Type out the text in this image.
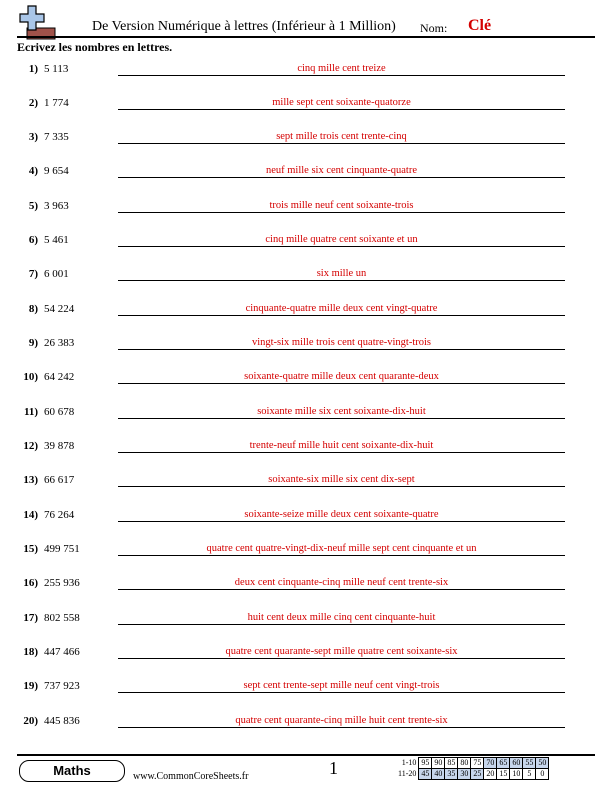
De Version Numérique à lettres (Inférieur à 1 Million) Nom: Clé
Ecrivez les nombres en lettres.
1) 5 113	cinq mille cent treize
2) 1 774	mille sept cent soixante-quatorze
3) 7 335	sept mille trois cent trente-cinq
4) 9 654	neuf mille six cent cinquante-quatre
5) 3 963	trois mille neuf cent soixante-trois
6) 5 461	cinq mille quatre cent soixante et un
7) 6 001	six mille un
8) 54 224	cinquante-quatre mille deux cent vingt-quatre
9) 26 383	vingt-six mille trois cent quatre-vingt-trois
10) 64 242	soixante-quatre mille deux cent quarante-deux
11) 60 678	soixante mille six cent soixante-dix-huit
12) 39 878	trente-neuf mille huit cent soixante-dix-huit
13) 66 617	soixante-six mille six cent dix-sept
14) 76 264	soixante-seize mille deux cent soixante-quatre
15) 499 751	quatre cent quatre-vingt-dix-neuf mille sept cent cinquante et un
16) 255 936	deux cent cinquante-cinq mille neuf cent trente-six
17) 802 558	huit cent deux mille cinq cent cinquante-huit
18) 447 466	quatre cent quarante-sept mille quatre cent soixante-six
19) 737 923	sept cent trente-sept mille neuf cent vingt-trois
20) 445 836	quatre cent quarante-cinq mille huit cent trente-six
Maths	www.CommonCoreSheets.fr	1	1-10	95	90	85	80	75	70	65	60	55	50
11-20	45	40	35	30	25	20	15	10	5	0
